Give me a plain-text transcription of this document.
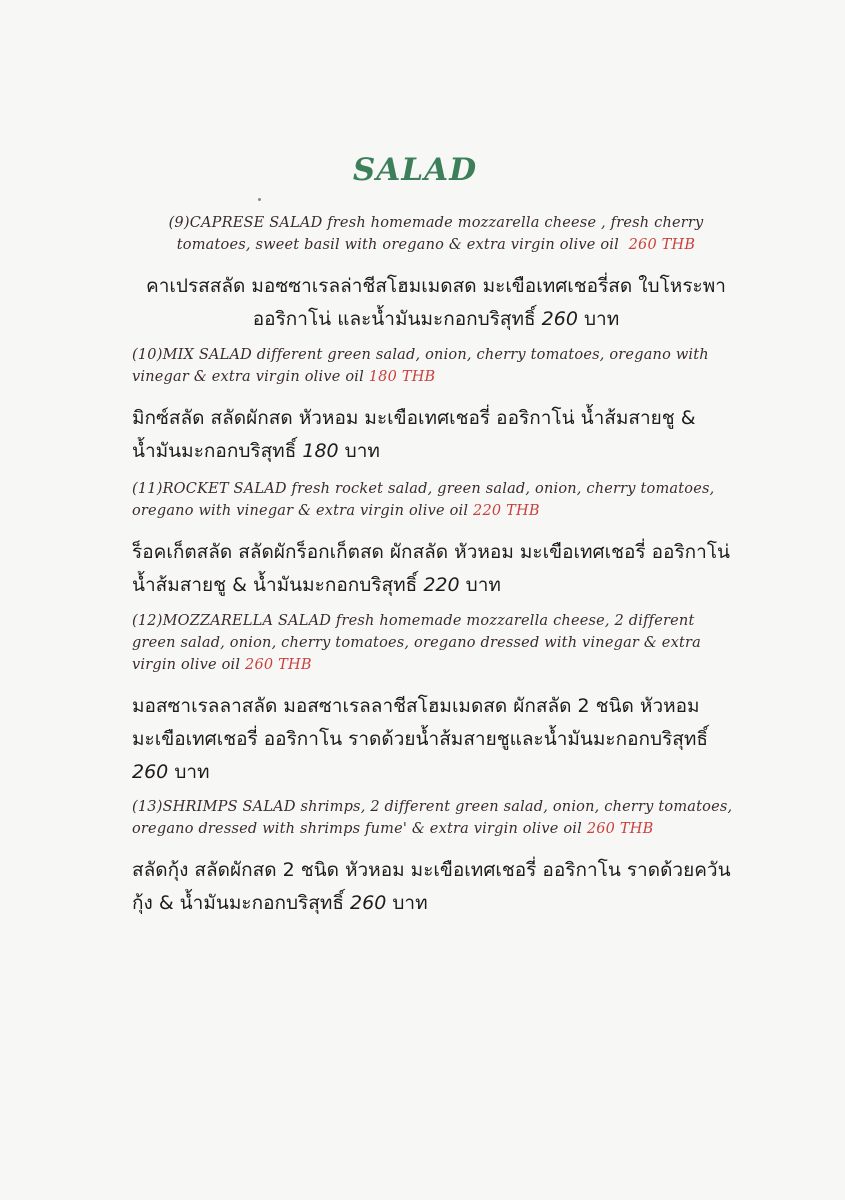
SALAD
(9)CAPRESE SALAD fresh homemade mozzarella cheese , fresh cherry tomatoes, sweet basil with oregano & extra virgin olive oil 260 THB
คาเปรสสลัด มอซซาเรลล่าชีสโฮมเมดสด มะเขือเทศเชอรี่สด ใบโหระพา ออริกาโน่ และน้ำมันมะกอกบริสุทธิ์ 260 บาท
(10)MIX SALAD different green salad, onion, cherry tomatoes, oregano with vinegar & extra virgin olive oil 180 THB
มิกซ์สลัด สลัดผักสด หัวหอม มะเขือเทศเชอรี่ ออริกาโน่ น้ำส้มสายชู & น้ำมันมะกอกบริสุทธิ์ 180 บาท
(11)ROCKET SALAD fresh rocket salad, green salad, onion, cherry tomatoes, oregano with vinegar & extra virgin olive oil 220 THB
ร็อคเก็ตสลัด สลัดผักร็อกเก็ตสด ผักสลัด หัวหอม มะเขือเทศเชอรี่ ออริกาโน่ น้ำส้มสายชู & น้ำมันมะกอกบริสุทธิ์ 220 บาท
(12)MOZZARELLA SALAD fresh homemade mozzarella cheese, 2 different green salad, onion, cherry tomatoes, oregano dressed with vinegar & extra virgin olive oil 260 THB
มอสซาเรลลาสลัด มอสซาเรลลาชีสโฮมเมดสด ผักสลัด 2 ชนิด หัวหอม มะเขือเทศเชอรี่ ออริกาโน ราดด้วยน้ำส้มสายชูและน้ำมันมะกอกบริสุทธิ์ 260 บาท
(13)SHRIMPS SALAD shrimps, 2 different green salad, onion, cherry tomatoes, oregano dressed with shrimps fume' & extra virgin olive oil 260 THB
สลัดกุ้ง สลัดผักสด 2 ชนิด หัวหอม มะเขือเทศเชอรี่ ออริกาโน ราดด้วยควันกุ้ง & น้ำมันมะกอกบริสุทธิ์ 260 บาท
